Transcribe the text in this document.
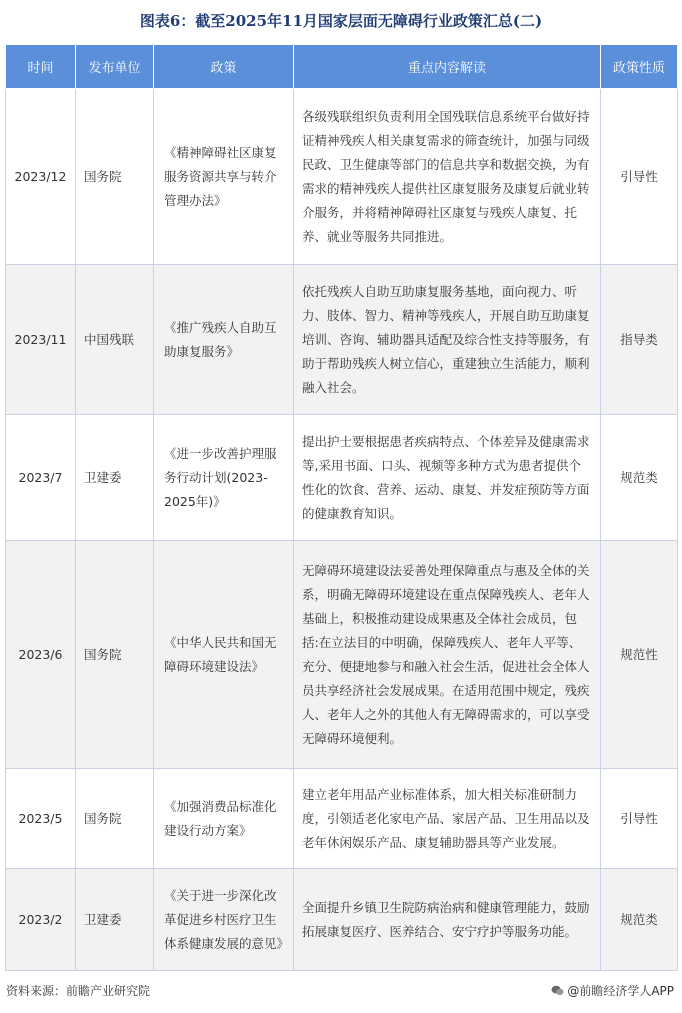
图表6：截至2025年11月国家层面无障碍行业政策汇总(二)
时间	发布单位	政策	重点内容解读	政策性质
2023/12	国务院	《精神障碍社区康复服务资源共享与转介管理办法》	各级残联组织负责利用全国残联信息系统平台做好持证精神残疾人相关康复需求的筛查统计，加强与同级民政、卫生健康等部门的信息共享和数据交换，为有需求的精神残疾人提供社区康复服务及康复后就业转介服务，并将精神障碍社区康复与残疾人康复、托养、就业等服务共同推进。	引导性
2023/11	中国残联	《推广残疾人自助互助康复服务》	依托残疾人自助互助康复服务基地，面向视力、听力、肢体、智力、精神等残疾人，开展自助互助康复培训、咨询、辅助器具适配及综合性支持等服务，有助于帮助残疾人树立信心，重建独立生活能力，顺利融入社会。	指导类
2023/7	卫建委	《进一步改善护理服务行动计划(2023-2025年)》	提出护士要根据患者疾病特点、个体差异及健康需求等,采用书面、口头、视频等多种方式为患者提供个性化的饮食、营养、运动、康复、并发症预防等方面的健康教育知识。	规范类
2023/6	国务院	《中华人民共和国无障碍环境建设法》	无障碍环境建设法妥善处理保障重点与惠及全体的关系，明确无障碍环境建设在重点保障残疾人、老年人基础上，积极推动建设成果惠及全体社会成员，包括:在立法目的中明确，保障残疾人、老年人平等、充分、便捷地参与和融入社会生活，促进社会全体人员共享经济社会发展成果。在适用范围中规定，残疾人、老年人之外的其他人有无障碍需求的，可以享受无障碍环境便利。	规范性
2023/5	国务院	《加强消费品标准化建设行动方案》	建立老年用品产业标准体系，加大相关标准研制力度，引领适老化家电产品、家居产品、卫生用品以及老年休闲娱乐产品、康复辅助器具等产业发展。	引导性
2023/2	卫建委	《关于进一步深化改革促进乡村医疗卫生体系健康发展的意见》	全面提升乡镇卫生院防病治病和健康管理能力，鼓励拓展康复医疗、医养结合、安宁疗护等服务功能。	规范类
资料来源：前瞻产业研究院	@前瞻经济学人APP
